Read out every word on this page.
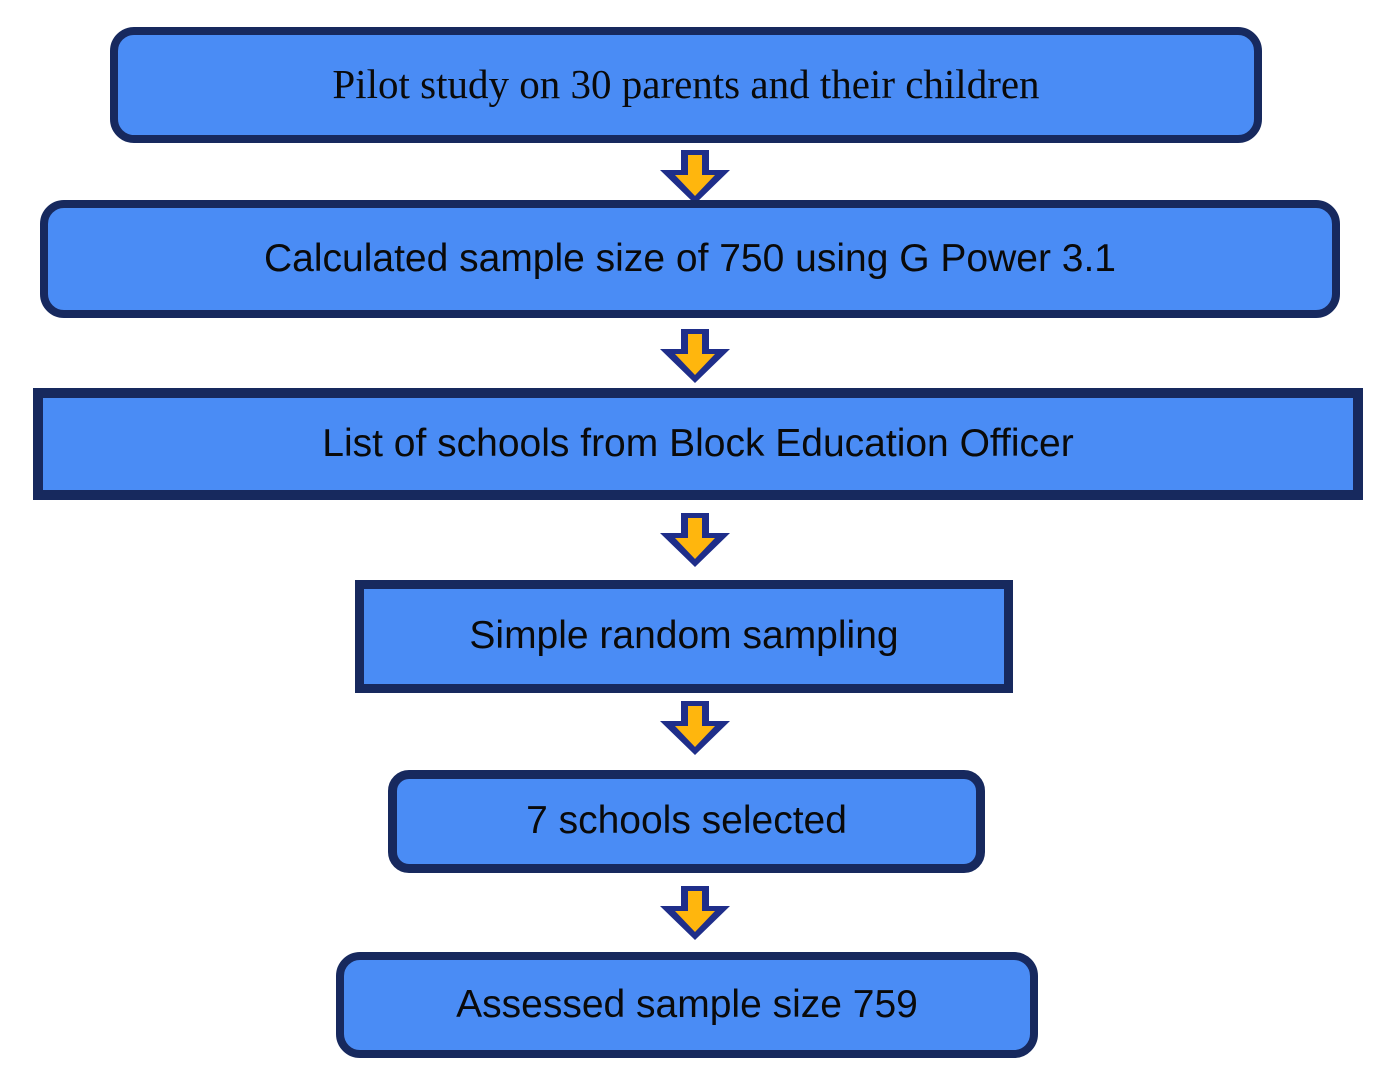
Pilot study on 30 parents and their children
Calculated sample size of 750 using G Power 3.1
List of schools from Block Education Officer
Simple random sampling
7 schools selected
Assessed sample size 759
